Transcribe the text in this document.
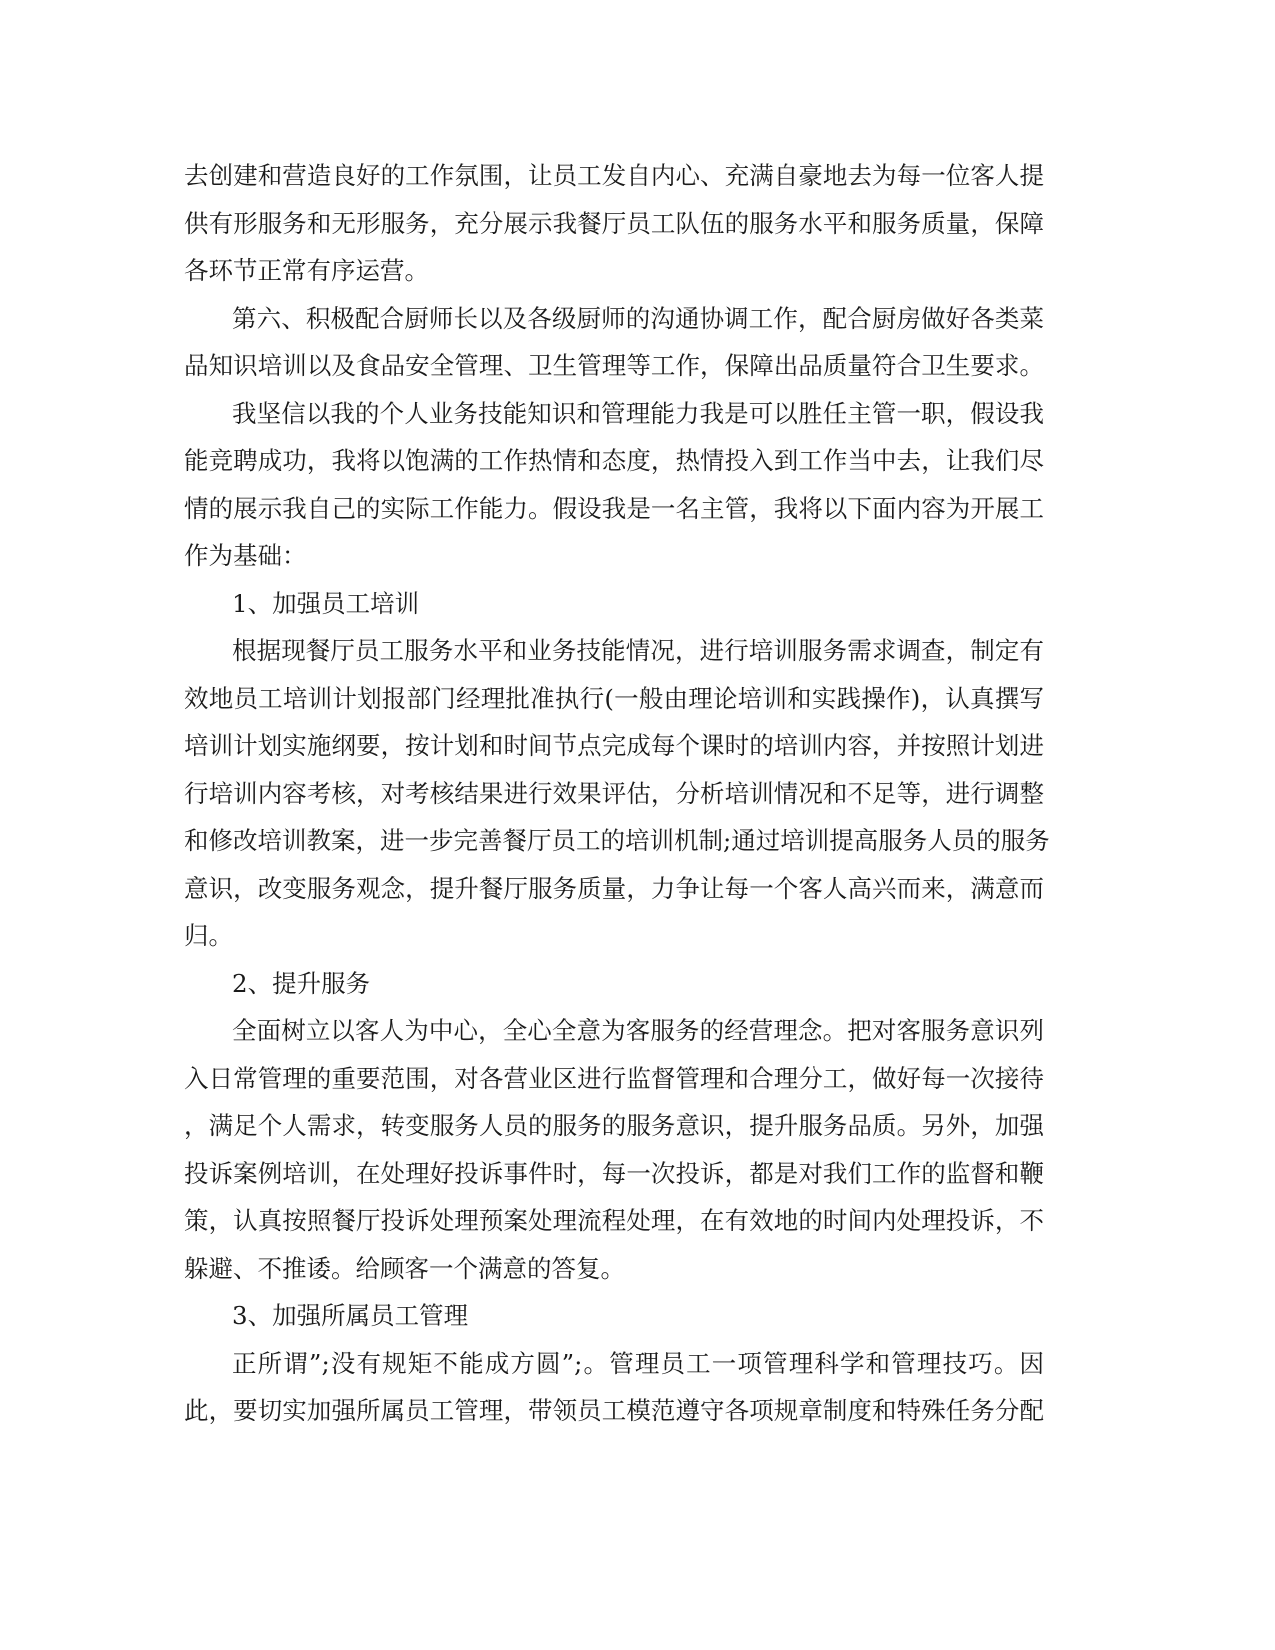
去创建和营造良好的工作氛围，让员工发自内心、充满自豪地去为每一位客人提
供有形服务和无形服务，充分展示我餐厅员工队伍的服务水平和服务质量，保障
各环节正常有序运营。
第六、积极配合厨师长以及各级厨师的沟通协调工作，配合厨房做好各类菜
品知识培训以及食品安全管理、卫生管理等工作，保障出品质量符合卫生要求。
我坚信以我的个人业务技能知识和管理能力我是可以胜任主管一职，假设我
能竞聘成功，我将以饱满的工作热情和态度，热情投入到工作当中去，让我们尽
情的展示我自己的实际工作能力。假设我是一名主管，我将以下面内容为开展工
作为基础：
1、加强员工培训
根据现餐厅员工服务水平和业务技能情况，进行培训服务需求调查，制定有
效地员工培训计划报部门经理批准执行(一般由理论培训和实践操作)，认真撰写
培训计划实施纲要，按计划和时间节点完成每个课时的培训内容，并按照计划进
行培训内容考核，对考核结果进行效果评估，分析培训情况和不足等，进行调整
和修改培训教案，进一步完善餐厅员工的培训机制;通过培训提高服务人员的服务
意识，改变服务观念，提升餐厅服务质量，力争让每一个客人高兴而来，满意而
归。
2、提升服务
全面树立以客人为中心，全心全意为客服务的经营理念。把对客服务意识列
入日常管理的重要范围，对各营业区进行监督管理和合理分工，做好每一次接待
，满足个人需求，转变服务人员的服务的服务意识，提升服务品质。另外，加强
投诉案例培训，在处理好投诉事件时，每一次投诉，都是对我们工作的监督和鞭
策，认真按照餐厅投诉处理预案处理流程处理，在有效地的时间内处理投诉，不
躲避、不推诿。给顾客一个满意的答复。
3、加强所属员工管理
正所谓”;没有规矩不能成方圆”;。管理员工一项管理科学和管理技巧。因
此，要切实加强所属员工管理，带领员工模范遵守各项规章制度和特殊任务分配
